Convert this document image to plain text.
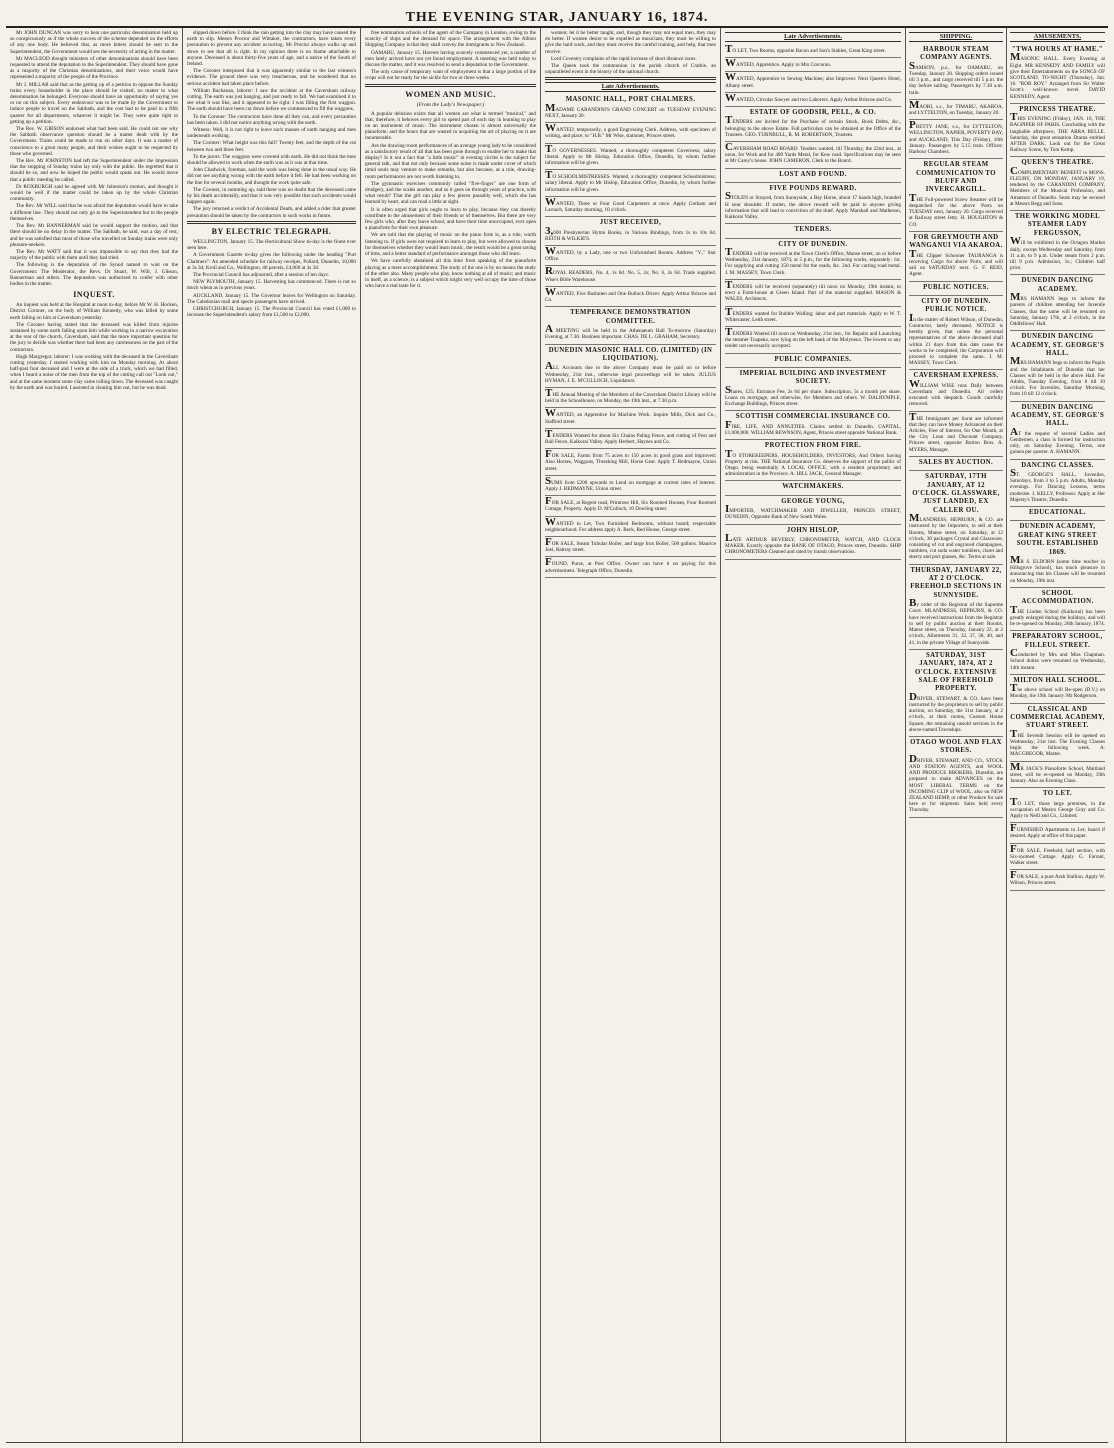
THE EVENING STAR, JANUARY 16, 1874.

Mr JOHN DUNCAN was sorry to hear one particular denomination held up so conspicuously as if the whole success of the scheme depended on the efforts of any one body. He believed that, as more letters should be sent to the Superintendent, the Government would see the necessity of acting in the matter.

Mr MACLEOD thought ministers of other denominations should have been requested to attend the deputation to the Superintendent. They should have gone as a majority of the Christian denominations, and their voice would have represented a majority of the people of the Province.

Mr J. MILLAR said that as the getting up of a petition to oppose the Sunday trains every householder in the place should be visited, no matter to what denomination he belonged. Everyone should have an opportunity of saying yes or no on this subject. Every endeavour was to be made by the Government to induce people to travel on the Sabbath, and the cost had to be paid in a fifth quarter for all departments, whatever it might be. They were quite right in getting up a petition.

The Rev. W. GIBSON endorsed what had been said. He could not see why the Sabbath observance question should be a matter dealt with by the Government. Trains could be made to run on other days. It was a matter of conscience to a great many people, and their wishes ought to be respected by those who governed.

The Rev. Mr JOHNSTON had left the Superintendent under the impression that the stopping of Sunday trains lay only with the public. He regretted that it should be so, and now he hoped the public would speak out. He would move that a public meeting be called.

Dr ROXBURGH said he agreed with Mr Johnston's motion, and thought it would be well if the matter could be taken up by the whole Christian community.

The Rev. Mr WILL said that he was afraid the deputation would have to take a different line. They should not only go to the Superintendent but to the people themselves.

The Rev. Mr BANNERMAN said he would support the motion, and that there should be no delay in the matter. The Sabbath, he said, was a day of rest, and he was satisfied that most of those who travelled on Sunday trains were only pleasure-seekers.

The Rev. Mr WATT said that it was impossible to say that they had the majority of the public with them until they had tried.

The following is the deputation of the Synod named to wait on the Government: The Moderator, the Revs. Dr Stuart, W. Will, J. Gibson, Bannerman and others. The deputation was authorised to confer with other bodies in the matter.

INQUEST.

An inquest was held at the Hospital at noon to-day, before Mr W. H. Hocken, District Coroner, on the body of William Kennedy, who was killed by some earth falling on him at Caversham yesterday.

The Coroner having stated that the deceased was killed from injuries sustained by some earth falling upon him while working in a narrow excavation at the rear of the church, Caversham, said that the more important question for the jury to decide was whether there had been any carelessness on the part of the contractors.

Hugh Macgregor, laborer: I was working with the deceased in the Caversham cutting yesterday. I started working with him on Monday morning. At about half-past four deceased and I were at the side of a truck, which we had filled, when I heard a noise of the men from the top of the cutting call out "Look out," and at the same moment some clay came rolling down. The deceased was caught by the earth and was buried. I assisted in clearing him out, but he was dead.

slipped down before. I think the rain getting into the clay may have caused the earth to slip. Messrs Proctor and Wittaker, the contractors, have taken every precaution to prevent any accident occurring. Mr Proctor always walks up and down to see that all is right. In my opinion there is no blame attachable to anyone. Deceased is about thirty-five years of age, and a native of the South of Ireland.

The Coroner interposed that it was apparently similar to the last witness's evidence. The ground there was very treacherous, and he wondered that no serious accident had taken place before.

William Buchanan, laborer: I saw the accident at the Caversham railway cutting. The earth was just hanging, and just ready to fall. We had examined it to see what it was like, and it appeared to be right. I was filling the first waggon. The earth should have been cut down before we commenced to fill the waggons.

To the Coroner: The contractors have done all they can, and every precaution has been taken. I did not notice anything wrong with the earth.

Witness: Well, it is not right to leave such masses of earth hanging and men underneath working.

The Coroner: What height was this fall? Twenty feet, and the depth of the cut between two and three feet.

To the jurors: The waggons were covered with earth. He did not think the men should be allowed to work when the earth was as it was at that time.

John Chadwick, foreman, said the work was being done in the usual way. He did not see anything wrong with the earth before it fell. He had been working on the line for several months, and thought the work quite safe.

The Coroner, in summing up, said there was no doubt that the deceased came by his death accidentally, and that it was very possible that such accidents would happen again.

The jury returned a verdict of Accidental Death, and added a rider that greater precaution should be taken by the contractors in such works in future.

BY ELECTRIC TELEGRAPH.

WELLINGTON, January 15. The Horticultural Show to-day is the finest ever seen here.

A Government Gazette to-day gives the following under the heading "Port Chalmers": An amended schedule for railway receipts, Pollard, Dunedin, 10,000 at 3s 3d; Kroll and Co., Wellington, 40 parcels, £4,000 at 3s 3d.

The Provincial Council has adjourned, after a session of ten days.

NEW PLYMOUTH, January 15. Harvesting has commenced. There is not so much wheat as in previous years.

AUCKLAND, January 15. The Governor leaves for Wellington on Saturday. The Caledonian mail and specie passengers have arrived.

CHRISTCHURCH, January 15. The Provincial Council has voted £1,000 to increase the Superintendent's salary from £1,500 to £2,000.

free nomination schools of the agent of the Company in London, owing to the scarcity of ships and the demand for space. The arrangement with the Albion Shipping Company is that they shall convey the immigrants to New Zealand.

OAMARU, January 15. Harvest having scarcely commenced yet, a number of men lately arrived have not yet found employment. A meeting was held today to discuss the matter, and it was resolved to send a deputation to the Government.

The only cause of temporary want of employment is that a large portion of the crops will not be ready for the sickle for two or three weeks.

WOMEN AND MUSIC.
(From the Lady's Newspaper.)

A popular delusion exists that all women are what is termed "musical," and that, therefore, it behoves every girl to spend part of each day in learning to play on an instrument of music. The instrument chosen is almost universally the pianoforte; and the hours that are wasted in acquiring the art of playing on it are innumerable.

Are the drawing-room performances of an average young lady to be considered as a satisfactory result of all that has been gone through to enable her to make that display? Is it not a fact that "a little music" in evening circles is the subject for general talk, and that not only because some noise is made under cover of which timid souls may venture to make remarks, but also because, as a rule, drawing-room performances are not worth listening to.

The gymnastic exercises commonly called "five-finger" are one form of drudgery, and the scales another, and so it goes on through years of practice, with what result? That the girl can play a few pieces passably well, which she has learned by heart, and can read a little at sight.

It is often urged that girls ought to learn to play, because they can thereby contribute to the amusement of their friends or of themselves. But there are very few girls who, after they leave school, and have their time unoccupied, ever open a pianoforte for their own pleasure.

We are told that the playing of music on the piano forte is, as a rule, worth listening to. If girls were not required to learn to play, but were allowed to choose for themselves whether they would learn music, the result would be a great saving of time, and a better standard of performance amongst those who did learn.

We have carefully abstained all this time from speaking of the pianoforte playing as a mere accomplishment. The study of the one is by no means the study of the other also. Many people who play, know nothing at all of music; and music in itself, as a science, is a subject which might very well occupy the time of those who have a real taste for it.

women; let it be better taught, and, though they may not equal men, they may do better. If women desire to be expelled as musicians, they must be willing to give the hard work, and they must receive the careful training, and help, that men receive.

Lord Coventry complains of the rapid increase of short distance races.

The Queen took the communion in the parish church of Crathie, an unparalleled event in the history of the national church.

Late Advertisements.
MASONIC HALL, PORT CHALMERS.
MADAME CARANDINI'S GRAND CONCERT on TUESDAY EVENING NEXT, January 20.
WANTED, temporarily, a good Engrossing Clerk. Address, with specimen of writing, and place, to "H.B." Mr Wise, stationer, Princes street.
TO GOVERNESSES. Wanted, a thoroughly competent Governess; salary liberal. Apply to Mr Hislop, Education Office, Dunedin, by whom further information will be given.
TO SCHOOLMISTRESSES. Wanted, a thoroughly competent Schoolmistress; salary liberal. Apply to Mr Hislop, Education Office, Dunedin, by whom further information will be given.
WANTED, Three or Four Good Carpenters at once. Apply Gotham and Larnach, Saturday morning, 10 o'clock.
JUST RECEIVED,
3,600 Presbyterian Hymn Books, in Various Bindings, from 1s to 10s 6d. REITH & WILKIE'S.
WANTED, by a Lady, one or two Unfurnished Rooms. Address "Y.," Star Office.
ROYAL READERS, No. 4, 1s 6d. No. 5, 2s; No. 6, 2s 6d. Trade supplied. Wise's Bible Warehouse.
WANTED, Five Bushmen and One Bullock Driver. Apply Arthur Briscoe and Co.
TEMPERANCE DEMONSTRATION COMMITTEE.
A MEETING will be held in the Athenaeum Hall To-morrow (Saturday) Evening, at 7.30. Business important. CHAS. DE L. GRAHAM, Secretary.
DUNEDIN MASONIC HALL CO. (LIMITED) (IN LIQUIDATION).
ALL Accounts due to the above Company must be paid on or before Wednesday, 21st inst., otherwise legal proceedings will be taken. JULIUS HYMAN, J. E. M'CULLOCH, Liquidators.
THE Annual Meeting of the Members of the Caversham District Library will be held in the Schoolhouse, on Monday, the 19th inst., at 7.30 p.m.
WANTED, an Apprentice for Machine Work. Inquire Mills, Dick and Co., Stafford street.
TENDERS Wanted for about Six Chains Paling Fence, and cutting of Post and Rail Fence, Kaikorai Valley. Apply Herbert, Haynes and Co.
FOR SALE, Farms from 75 acres to 150 acres in good grass and improved; Also Horses, Waggons, Threshing Mill, Horse Gear. Apply T. Redmayne, Union street.
SUMS from £200 upwards to Lend on mortgage at current rates of interest. Apply J. REDMAYNE, Union street.
FOR SALE, at Regent road, Primrose Hill, Six Roomed Houses, Four Roomed Cottage, Property. Apply D. M'Culloch, 10 Dowling street.
WANTED to Let, Two Furnished Bedrooms, without board; respectable neighbourhood. For address apply A. Beck, Red House, George street.
FOR SALE, Steam Tubular Boiler, and large Iron Boiler, 500 gallons. Maurice Joel, Rattray street.
FOUND, Purse, at Post Office. Owner can have it on paying for this advertisement. Telegraph Office, Dunedin.
Late Advertisements.
TO LET, Two Rooms, opposite Bacon and Son's Stables, Great King street.
WANTED, Apprentice. Apply to Mrs Corcoran.
WANTED, Apprentice to Sewing Machine; also Improver. Next Queen's Hotel, Albany street.
WANTED, Circular Sawyer and two Laborers. Apply Arthur Briscoe and Co.
ESTATE OF GOODSIR, PELL, & CO.
TENDERS are invited for the Purchase of certain Stock, Book Debts, &c., belonging to the above Estate. Full particulars can be obtained at the Office of the Trustees. GEO. TURNBULL, R. M. ROBERTSON, Trustees.
CAVERSHAM ROAD BOARD. Tenders wanted, till Thursday, the 22nd inst., at noon, for Work and for 400 Yards Metal, for Kew road. Specifications may be seen at Mr Carey's house. JOHN CAMERON, Clerk to the Board.
LOST AND FOUND.
FIVE POUNDS REWARD.
STOLEN or Strayed, from Sunnyside, a Bay Horse, about 17 hands high, branded H near shoulder. If stolen, the above reward will be paid to anyone giving information that will lead to conviction of the thief. Apply Marshall and Matheson, Kaikorai Valley.
TENDERS.
CITY OF DUNEDIN.
TENDERS will be received at the Town Clerk's Office, Manse street, on or before Wednesday, 21st January, 1874, at 5 p.m., for the following works, separately: 1st. For supplying and cutting 350 metal for the roads, &c. 2nd. For carting road metal. J. M. MASSEY, Town Clerk.
TENDERS will be received (separately) till noon on Monday, 19th instant, to erect a Farm-house at Green Island. Part of the material supplied. MASON & WALES, Architects.
TENDERS wanted for Rubble Walling; labor and part materials. Apply to W. T. Whitecaster, Leith street.
TENDERS Wanted till noon on Wednesday, 21st inst., for Repairs and Launching the steamer Tuapeka, now lying on the left bank of the Molyneux. The lowest or any tender not necessarily accepted.
PUBLIC COMPANIES.
IMPERIAL BUILDING AND INVESTMENT SOCIETY.
Shares, £25; Entrance Fee, 2s 6d per share. Subscription, 5s a month per share. Loans on mortgage, and otherwise, for Members and others. W. DALRYMPLE, Exchange Buildings, Princes street.
SCOTTISH COMMERCIAL INSURANCE CO.
FIRE, LIFE, AND ANNUITIES. Claims settled in Dunedin. CAPITAL, £1,000,000. WILLIAM REWNSON, Agent, Princes street opposite National Bank.
PROTECTION FROM FIRE.
TO STOREKEEPERS, HOUSEHOLDERS, INVESTORS, And Others having Property at risk. THE National Insurance Co. deserves the support of the public of Otago, being essentially A LOCAL OFFICE, with a resident proprietary and administration in the Province. A. HILL JACK, General Manager.
WATCHMAKERS.
GEORGE YOUNG,
IMPORTER, WATCHMAKER AND JEWELLER, PRINCES STREET, DUNEDIN, Opposite Bank of New South Wales.
JOHN HISLOP,
LATE ARTHUR BEVERLY, CHRONOMETER, WATCH, AND CLOCK MAKER, Exactly opposite the BANK OF OTAGO, Princes street, Dunedin. SHIP CHRONOMETERS Cleaned and rated by transit observations.
SHIPPING.
HARBOUR STEAM COMPANY AGENTS.
SAMSON, p.s., for OAMARU, on Tuesday, January 20. Shipping orders issued till 3 p.m., and cargo received till 5 p.m. the day before sailing. Passengers by 7.30 a.m. train.
MAORI, s.s., for TIMARU, AKAROA, and LYTTELTON, on Tuesday, January 20.
PRETTY JANE, s.s., for LYTTELTON, WELLINGTON, NAPIER, POVERTY BAY, and AUCKLAND, This Day (Friday), 16th January. Passengers by 5.15 train. Offices: Harbour Chambers.
REGULAR STEAM COMMUNICATION TO BLUFF AND INVERCARGILL.
THE Full-powered Screw Steamer will be despatched for the above Ports on TUESDAY next, January 20. Cargo received at Railway street Jetty. H. HOUGHTON & CO.
FOR GREYMOUTH AND WANGANUI VIA AKAROA.
THE Clipper Schooner TAURANGA is receiving Cargo for above Ports, and will sail on SATURDAY next. G. F. REID, Agent.
PUBLIC NOTICES.
CITY OF DUNEDIN. PUBLIC NOTICE.
In the matter of Robert Wilson, of Dunedin, Contractor, lately deceased. NOTICE is hereby given, that unless the personal representatives of the above deceased shall within 21 days from this date cause the works to be completed, the Corporation will proceed to complete the same. J. M. MASSEY, Town Clerk.
CAVERSHAM EXPRESS.
WILLIAM WISE runs Daily between Caversham and Dunedin. All orders executed with despatch. Goods carefully removed.
THE Immigrants per Surat are informed that they can have Money Advanced on their Articles, Free of Interest, for One Month, at the City Loan and Discount Company, Princes street, opposite Burton Bros. A. MYERS, Manager.
SALES BY AUCTION.
SATURDAY, 17TH JANUARY, AT 12 O'CLOCK. GLASSWARE, JUST LANDED, EX CALLER OU.
MLANDRESS, HEPBURN, & CO. are instructed by the Importers, to sell at their Rooms, Manse street, on Saturday, at 12 o'clock, 30 packages Crystal and Glassware, consisting of cut and engraved champagnes, tumblers, cut soda water tumblers, claret and sherry and port glasses, &c. Terms at sale.
THURSDAY, JANUARY 22, AT 2 O'CLOCK. FREEHOLD SECTIONS IN SUNNYSIDE.
By order of the Registrar of the Supreme Court. MLANDRESS, HEPBURN, & CO. have received instructions from the Registrar to sell by public auction at their Rooms, Manse street, on Thursday, January 22, at 2 o'clock, Allotments 31, 32, 37, 38, 40, and 41, in the private Village of Sunnyside.
SATURDAY, 31ST JANUARY, 1874, AT 2 O'CLOCK. EXTENSIVE SALE OF FREEHOLD PROPERTY.
DRIVER, STEWART, & CO. have been instructed by the proprietors to sell by public auction, on Saturday, the 31st January, at 2 o'clock, at their rooms, Custom House Square, the remaining unsold sections in the above-named Townships.
OTAGO WOOL AND FLAX STORES.
DRIVER, STEWART, AND CO., STOCK AND STATION AGENTS, and WOOL AND PRODUCE BROKERS, Dunedin, are prepared to make ADVANCES on the MOST LIBERAL TERMS on the INCOMING CLIP of WOOL, also on NEW ZEALAND HEMP, or other Produce for sale here or for shipment. Sales held every Thursday.
AMUSEMENTS.
"TWA HOURS AT HAME."
MASONIC HALL. Every Evening at Eight. MR KENNEDY AND FAMILY will give their Entertainments on the SONGS OF SCOTLAND. TO-NIGHT (Thursday), Jan. 16. "ROB ROY." Arranged from Sir Walter Scott's well-known novel. DAVID KENNEDY, Agent.
PRINCESS THEATRE.
THIS EVENING (Friday), JAN. 16, THE BAGPIPER OF PARIS. Concluding with the laughable afterpiece, THE ARRA BELLE. Saturday, the great sensation Drama entitled AFTER DARK. Look out for the Great Railway Scene, by Tom Kemp.
QUEEN'S THEATRE.
COMPLIMENTARY BENEFIT to MONS. FLEURY, ON MONDAY, JANUARY 19, tendered by the CARANDINI COMPANY, Members of the Musical Profession, and Amateurs of Dunedin. Seats may be secured at Messrs Begg and Sons.
THE WORKING MODEL STEAMER LADY FERGUSSON,
Will be exhibited in the Octagon Market daily, except Wednesday and Saturday, from 11 a.m. to 9 p.m. Under steam from 2 p.m. till 9 p.m. Admission, 1s.; Children half price.
DUNEDIN DANCING ACADEMY.
MRS HAMANN begs to inform the parents of children attending her Juvenile Classes, that the same will be resumed on Saturday, January 17th, at 2 o'clock, in the Oddfellows' Hall.
DUNEDIN DANCING ACADEMY, ST. GEORGE'S HALL.
MRS HAMANN begs to inform the Pupils and the Inhabitants of Dunedin that her Classes will be held in the above Hall. For Adults, Tuesday Evening, from 8 till 10 o'clock. For Juveniles, Saturday Morning, from 10 till 12 o'clock.
DUNEDIN DANCING ACADEMY, ST. GEORGE'S HALL.
AT the request of several Ladies and Gentlemen, a class is formed for instruction only, on Saturday Evening. Terms, one guinea per quarter. A. HAMANN.
DANCING CLASSES.
ST. GEORGE'S HALL, Juveniles, Saturdays, from 3 to 5 p.m. Adults, Monday evenings. For Dancing Lessons, terms moderate. J. KELLY, Professor. Apply at Her Majesty's Theatre, Dunedin.
EDUCATIONAL.
DUNEDIN ACADEMY, GREAT KING STREET SOUTH. ESTABLISHED 1869.
MR S. ELDORN (some time teacher in Hillsgrove School), has much pleasure in announcing that his Classes will be resumed on Monday, 19th inst.
SCHOOL ACCOMMODATION.
THE Linden School (Kaikorai) has been greatly enlarged during the holidays, and will be re-opened on Monday, 26th January, 1874.
PREPARATORY SCHOOL, FILLEUL STREET.
Conducted by Mrs and Miss Chapman. School duties were resumed on Wednesday, 14th instant.
MILTON HALL SCHOOL.
The above school will Re-open (D.V.) on Monday, the 19th January. Mr Rodgerson.
CLASSICAL AND COMMERCIAL ACADEMY, STUART STREET.
THE Seventh Session will be opened on Wednesday, 21st inst. The Evening Classes begin the following week. A. MACGREGOR, Master.
MR JACK'S Pianoforte School, Maitland street, will be re-opened on Monday, 19th January. Also an Evening Class.
TO LET.
TO LET, those large premises, in the occupation of Messrs George Gray and Co. Apply to Neill and Co., Limited.
FURNISHED Apartments to Let; board if desired. Apply at office of this paper.
FOR SALE, Freehold, half section, with Six-roomed Cottage. Apply G. Farrant, Walker street.
FOR SALE, a pure Arab Stallion. Apply W. Wilson, Princes street.
